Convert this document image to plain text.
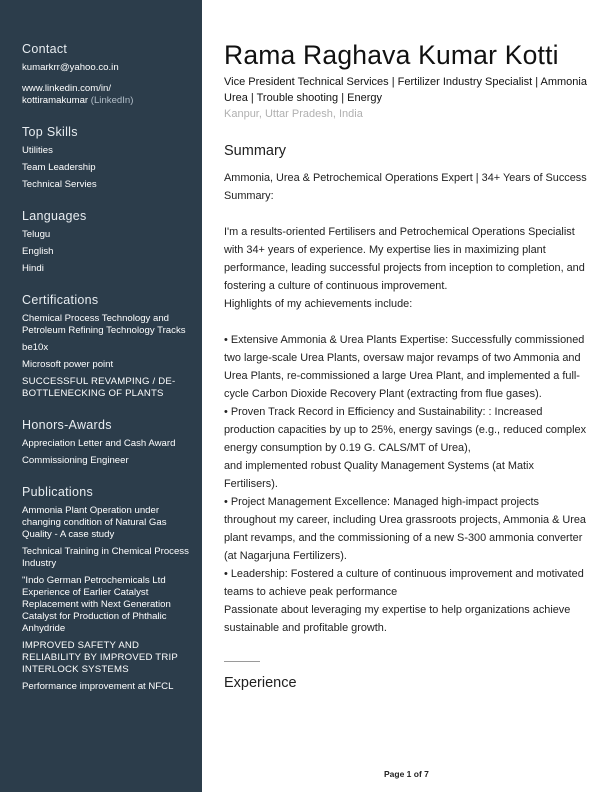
Contact
kumarkrr@yahoo.co.in
www.linkedin.com/in/
kottiramakumar (LinkedIn)
Top Skills
Utilities
Team Leadership
Technical Servies
Languages
Telugu
English
Hindi
Certifications
Chemical Process Technology and Petroleum Refining Technology Tracks
be10x
Microsoft power point
SUCCESSFUL REVAMPING / DE-BOTTLENECKING OF PLANTS
Honors-Awards
Appreciation Letter and Cash Award
Commissioning Engineer
Publications
Ammonia Plant Operation under changing condition of Natural Gas Quality - A case study
Technical Training in Chemical Process Industry
"Indo German Petrochemicals Ltd Experience of Earlier Catalyst Replacement with Next Generation Catalyst for Production of Phthalic Anhydride
IMPROVED SAFETY AND RELIABILITY BY IMPROVED TRIP INTERLOCK SYSTEMS
Performance improvement at NFCL
Rama Raghava Kumar Kotti
Vice President Technical Services | Fertilizer Industry Specialist | Ammonia Urea | Trouble shooting | Energy
Kanpur, Uttar Pradesh, India
Summary

Ammonia, Urea & Petrochemical Operations Expert | 34+ Years of Success

Summary:

I'm a results-oriented Fertilisers and Petrochemical Operations Specialist with 34+ years of experience. My expertise lies in maximizing plant performance, leading successful projects from inception to completion, and fostering a culture of continuous improvement.

Highlights of my achievements include:

• Extensive Ammonia & Urea Plants Expertise: Successfully commissioned two large-scale Urea Plants, oversaw major revamps of two Ammonia and Urea Plants, re-commissioned a large Urea Plant, and implemented a full-cycle Carbon Dioxide Recovery Plant (extracting from flue gases).

• Proven Track Record in Efficiency and Sustainability: : Increased production capacities by up to 25%, energy savings (e.g., reduced complex energy consumption by 0.19 G. CALS/MT of Urea),

and implemented robust Quality Management Systems (at Matix Fertilisers).

• Project Management Excellence: Managed high-impact projects throughout my career, including Urea grassroots projects, Ammonia & Urea plant revamps, and the commissioning of a new S-300 ammonia converter (at Nagarjuna Fertilizers).

• Leadership: Fostered a culture of continuous improvement and motivated teams to achieve peak performance

Passionate about leveraging my expertise to help organizations achieve sustainable and profitable growth.

Experience
Page 1 of 7
